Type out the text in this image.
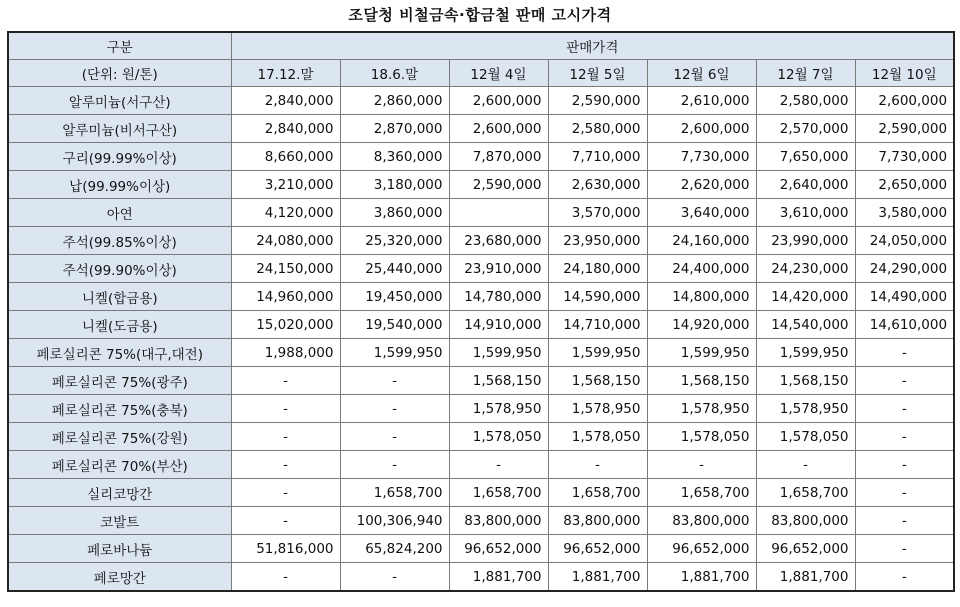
조달청 비철금속·합금철 판매 고시가격
구분	판매가격						
(단위: 원/톤)	17.12.말	18.6.말	12월 4일	12월 5일	12월 6일	12월 7일	12월 10일
알루미늄(서구산)	2,840,000	2,860,000	2,600,000	2,590,000	2,610,000	2,580,000	2,600,000
알루미늄(비서구산)	2,840,000	2,870,000	2,600,000	2,580,000	2,600,000	2,570,000	2,590,000
구리(99.99%이상)	8,660,000	8,360,000	7,870,000	7,710,000	7,730,000	7,650,000	7,730,000
납(99.99%이상)	3,210,000	3,180,000	2,590,000	2,630,000	2,620,000	2,640,000	2,650,000
아연	4,120,000	3,860,000		3,570,000	3,640,000	3,610,000	3,580,000
주석(99.85%이상)	24,080,000	25,320,000	23,680,000	23,950,000	24,160,000	23,990,000	24,050,000
주석(99.90%이상)	24,150,000	25,440,000	23,910,000	24,180,000	24,400,000	24,230,000	24,290,000
니켈(합금용)	14,960,000	19,450,000	14,780,000	14,590,000	14,800,000	14,420,000	14,490,000
니켈(도금용)	15,020,000	19,540,000	14,910,000	14,710,000	14,920,000	14,540,000	14,610,000
페로실리콘 75%(대구,대전)	1,988,000	1,599,950	1,599,950	1,599,950	1,599,950	1,599,950	-
페로실리콘 75%(광주)	-	-	1,568,150	1,568,150	1,568,150	1,568,150	-
페로실리콘 75%(충북)	-	-	1,578,950	1,578,950	1,578,950	1,578,950	-
페로실리콘 75%(강원)	-	-	1,578,050	1,578,050	1,578,050	1,578,050	-
페로실리콘 70%(부산)	-	-	-	-	-	-	-
실리코망간	-	1,658,700	1,658,700	1,658,700	1,658,700	1,658,700	-
코발트	-	100,306,940	83,800,000	83,800,000	83,800,000	83,800,000	-
페로바나듐	51,816,000	65,824,200	96,652,000	96,652,000	96,652,000	96,652,000	-
페로망간	-	-	1,881,700	1,881,700	1,881,700	1,881,700	-
